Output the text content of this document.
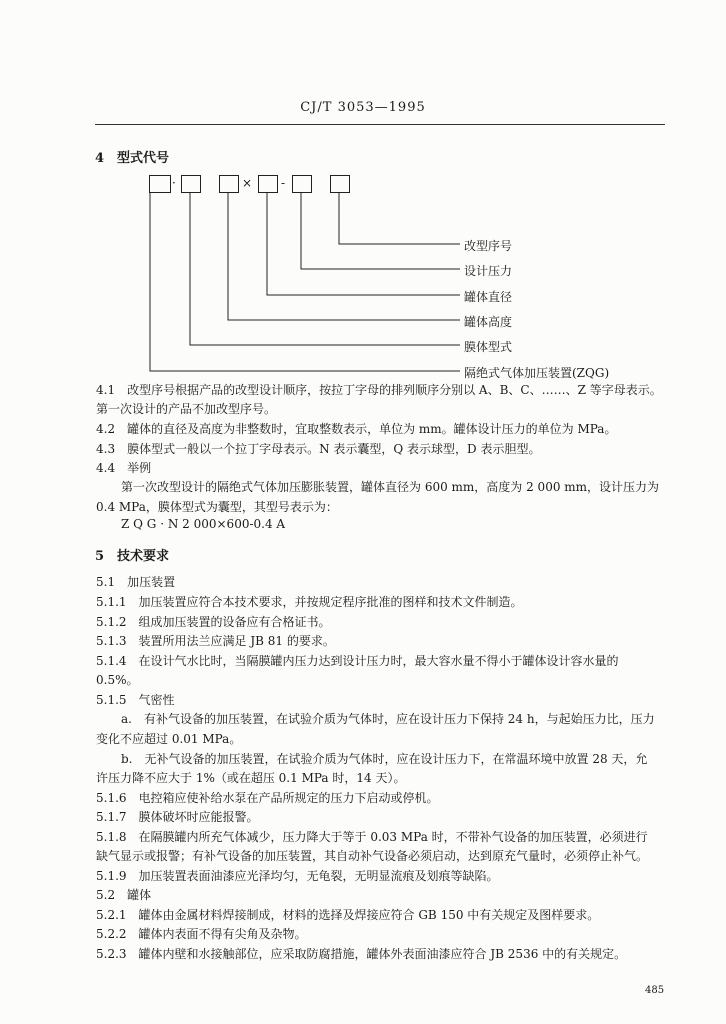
CJ/T 3053—1995
4　型式代号
·	× -
改型序号
设计压力
罐体直径
罐体高度
膜体型式
隔绝式气体加压装置(ZQG)
4.1　改型序号根据产品的改型设计顺序，按拉丁字母的排列顺序分别以 A、B、C、……、Z 等字母表示。
第一次设计的产品不加改型序号。
4.2　罐体的直径及高度为非整数时，宜取整数表示，单位为 mm。罐体设计压力的单位为 MPa。
4.3　膜体型式一般以一个拉丁字母表示。N 表示囊型，Q 表示球型，D 表示胆型。
4.4　举例
第一次改型设计的隔绝式气体加压膨胀装置，罐体直径为 600 mm，高度为 2 000 mm，设计压力为
0.4 MPa，膜体型式为囊型，其型号表示为：
Z Q G · N 2 000×600-0.4 A
5　技术要求
5.1　加压装置
5.1.1　加压装置应符合本技术要求，并按规定程序批准的图样和技术文件制造。
5.1.2　组成加压装置的设备应有合格证书。
5.1.3　装置所用法兰应满足 JB 81 的要求。
5.1.4　在设计气水比时，当隔膜罐内压力达到设计压力时，最大容水量不得小于罐体设计容水量的
0.5%。
5.1.5　气密性
a.　有补气设备的加压装置，在试验介质为气体时，应在设计压力下保持 24 h，与起始压力比，压力
变化不应超过 0.01 MPa。
b.　无补气设备的加压装置，在试验介质为气体时，应在设计压力下，在常温环境中放置 28 天，允
许压力降不应大于 1%（或在超压 0.1 MPa 时，14 天）。
5.1.6　电控箱应使补给水泵在产品所规定的压力下启动或停机。
5.1.7　膜体破坏时应能报警。
5.1.8　在隔膜罐内所充气体减少，压力降大于等于 0.03 MPa 时，不带补气设备的加压装置，必须进行
缺气显示或报警；有补气设备的加压装置，其自动补气设备必须启动，达到原充气量时，必须停止补气。
5.1.9　加压装置表面油漆应光泽均匀，无龟裂，无明显流痕及划痕等缺陷。
5.2　罐体
5.2.1　罐体由金属材料焊接制成，材料的选择及焊接应符合 GB 150 中有关规定及图样要求。
5.2.2　罐体内表面不得有尖角及杂物。
5.2.3　罐体内壁和水接触部位，应采取防腐措施，罐体外表面油漆应符合 JB 2536 中的有关规定。
485
